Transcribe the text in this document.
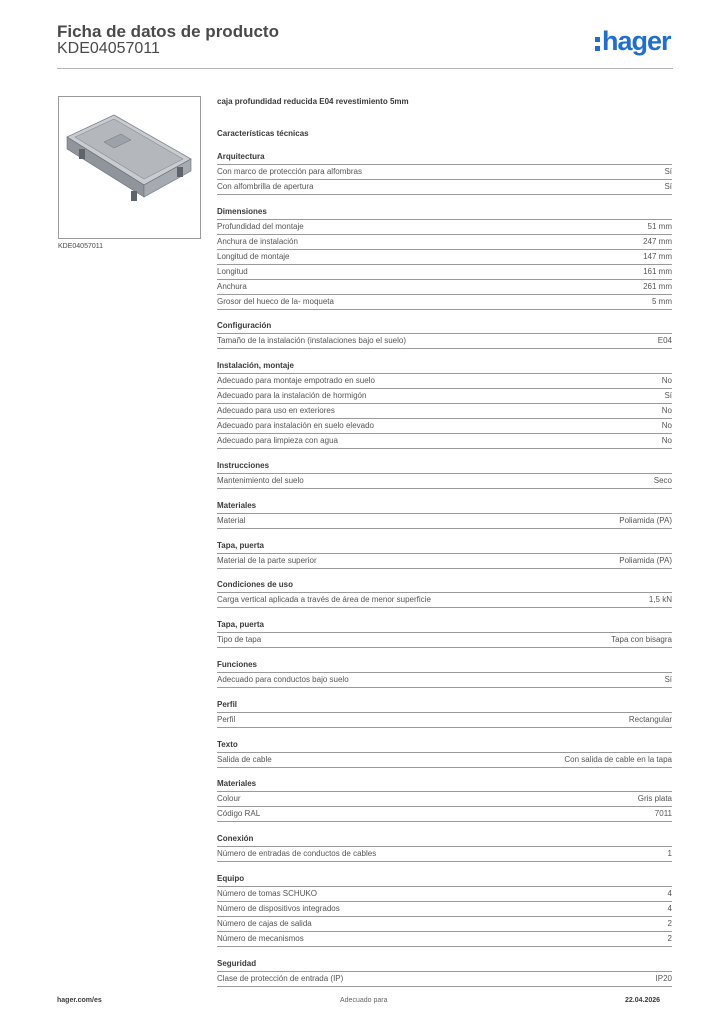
Ficha de datos de producto
KDE04057011	hager
KDE04057011
caja profundidad reducida E04 revestimiento 5mm
Características técnicas
Arquitectura
Con marco de protección para alfombras	Sí
Con alfombrilla de apertura	Sí
Dimensiones
Profundidad del montaje	51 mm
Anchura de instalación	247 mm
Longitud de montaje	147 mm
Longitud	161 mm
Anchura	261 mm
Grosor del hueco de la- moqueta	5 mm
Configuración
Tamaño de la instalación (instalaciones bajo el suelo)	E04
Instalación, montaje
Adecuado para montaje empotrado en suelo	No
Adecuado para la instalación de hormigón	Sí
Adecuado para uso en exteriores	No
Adecuado para instalación en suelo elevado	No
Adecuado para limpieza con agua	No
Instrucciones
Mantenimiento del suelo	Seco
Materiales
Material	Poliamida (PA)
Tapa, puerta
Material de la parte superior	Poliamida (PA)
Condiciones de uso
Carga vertical aplicada a través de área de menor superficie	1,5 kN
Tapa, puerta
Tipo de tapa	Tapa con bisagra
Funciones
Adecuado para conductos bajo suelo	Sí
Perfil
Perfil	Rectangular
Texto
Salida de cable	Con salida de cable en la tapa
Materiales
Colour	Gris plata
Código RAL	7011
Conexión
Número de entradas de conductos de cables	1
Equipo
Número de tomas SCHUKO	4
Número de dispositivos integrados	4
Número de cajas de salida	2
Número de mecanismos	2
Seguridad
Clase de protección de entrada (IP)	IP20
hager.com/es	Adecuado para	22.04.2026
